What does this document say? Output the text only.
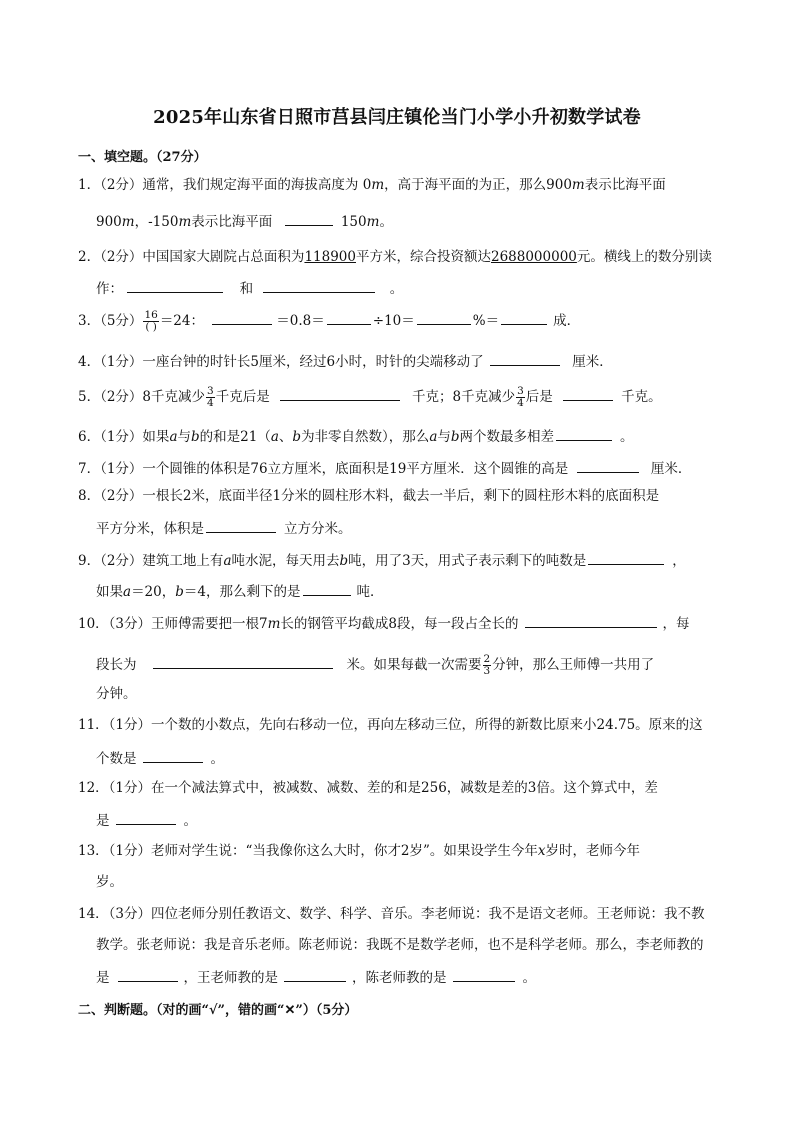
2025年山东省日照市莒县闫庄镇伦当门小学小升初数学试卷
一、填空题。（27分）
1．（2分）通常，我们规定海平面的海拔高度为 0m，高于海平面的为正，那么900m表示比海平面
900m，-150m表示比海平面	150m。
2．（2分）中国国家大剧院占总面积为118900平方米，综合投资额达2688000000元。横线上的数分别读
作：	和	。
3．（5分） $\frac{16}{( )} =24$：	＝0.8＝	÷10＝	%＝	成．
4．（1分）一座台钟的时针长5厘米，经过6小时，时针的尖端移动了	厘米．
5．（2分）8千克减少 $\frac{3}{4}$ 千克后是	千克；8千克减少 $\frac{3}{4}$ 后是	千克。
6．（1分）如果a与b的和是21（a、b为非零自然数），那么a与b两个数最多相差	。
7．（1分）一个圆锥的体积是76立方厘米，底面积是19平方厘米．这个圆锥的高是	厘米．
8．（2分）一根长2米，底面半径1分米的圆柱形木料，截去一半后，剩下的圆柱形木料的底面积是
平方分米，体积是	立方分米。
9．（2分）建筑工地上有a吨水泥，每天用去b吨，用了3天，用式子表示剩下的吨数是	，
如果a＝20，b＝4，那么剩下的是	吨．
10．（3分）王师傅需要把一根7m长的钢管平均截成8段，每一段占全长的	，每
段长为	米。如果每截一次需要 $\frac{2}{3}$ 分钟，那么王师傅一共用了
分钟。
11．（1分）一个数的小数点，先向右移动一位，再向左移动三位，所得的新数比原来小24.75。原来的这
个数是	。
12．（1分）在一个减法算式中，被减数、减数、差的和是256，减数是差的3倍。这个算式中，差
是	。
13．（1分）老师对学生说：“当我像你这么大时，你才2岁”。如果设学生今年x岁时，老师今年
岁。
14．（3分）四位老师分别任教语文、数学、科学、音乐。李老师说：我不是语文老师。王老师说：我不教
教学。张老师说：我是音乐老师。陈老师说：我既不是数学老师，也不是科学老师。那么，李老师教的
是	，王老师教的是	，陈老师教的是	。
二、判断题。（对的画“√”，错的画“✕”）（5分）
